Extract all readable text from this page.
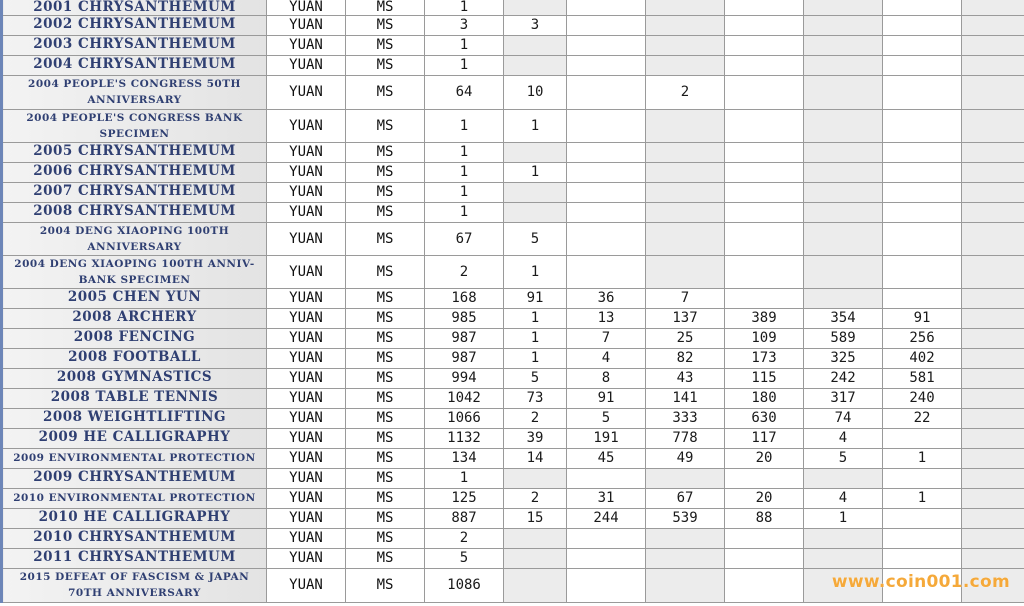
2001 CHRYSANTHEMUM	YUAN	MS	1							
2002 CHRYSANTHEMUM	YUAN	MS	3	3						
2003 CHRYSANTHEMUM	YUAN	MS	1							
2004 CHRYSANTHEMUM	YUAN	MS	1							
2004 PEOPLE'S CONGRESS 50TH ANNIVERSARY	YUAN	MS	64	10		2				
2004 PEOPLE'S CONGRESS BANK SPECIMEN	YUAN	MS	1	1						
2005 CHRYSANTHEMUM	YUAN	MS	1							
2006 CHRYSANTHEMUM	YUAN	MS	1	1						
2007 CHRYSANTHEMUM	YUAN	MS	1							
2008 CHRYSANTHEMUM	YUAN	MS	1							
2004 DENG XIAOPING 100TH ANNIVERSARY	YUAN	MS	67	5						
2004 DENG XIAOPING 100TH ANNIV-BANK SPECIMEN	YUAN	MS	2	1						
2005 CHEN YUN	YUAN	MS	168	91	36	7				
2008 ARCHERY	YUAN	MS	985	1	13	137	389	354	91	
2008 FENCING	YUAN	MS	987	1	7	25	109	589	256	
2008 FOOTBALL	YUAN	MS	987	1	4	82	173	325	402	
2008 GYMNASTICS	YUAN	MS	994	5	8	43	115	242	581	
2008 TABLE TENNIS	YUAN	MS	1042	73	91	141	180	317	240	
2008 WEIGHTLIFTING	YUAN	MS	1066	2	5	333	630	74	22	
2009 HE CALLIGRAPHY	YUAN	MS	1132	39	191	778	117	4		
2009 ENVIRONMENTAL PROTECTION	YUAN	MS	134	14	45	49	20	5	1	
2009 CHRYSANTHEMUM	YUAN	MS	1							
2010 ENVIRONMENTAL PROTECTION	YUAN	MS	125	2	31	67	20	4	1	
2010 HE CALLIGRAPHY	YUAN	MS	887	15	244	539	88	1		
2010 CHRYSANTHEMUM	YUAN	MS	2							
2011 CHRYSANTHEMUM	YUAN	MS	5							
2015 DEFEAT OF FASCISM & JAPAN 70TH ANNIVERSARY	YUAN	MS	1086								www.coin001.com
